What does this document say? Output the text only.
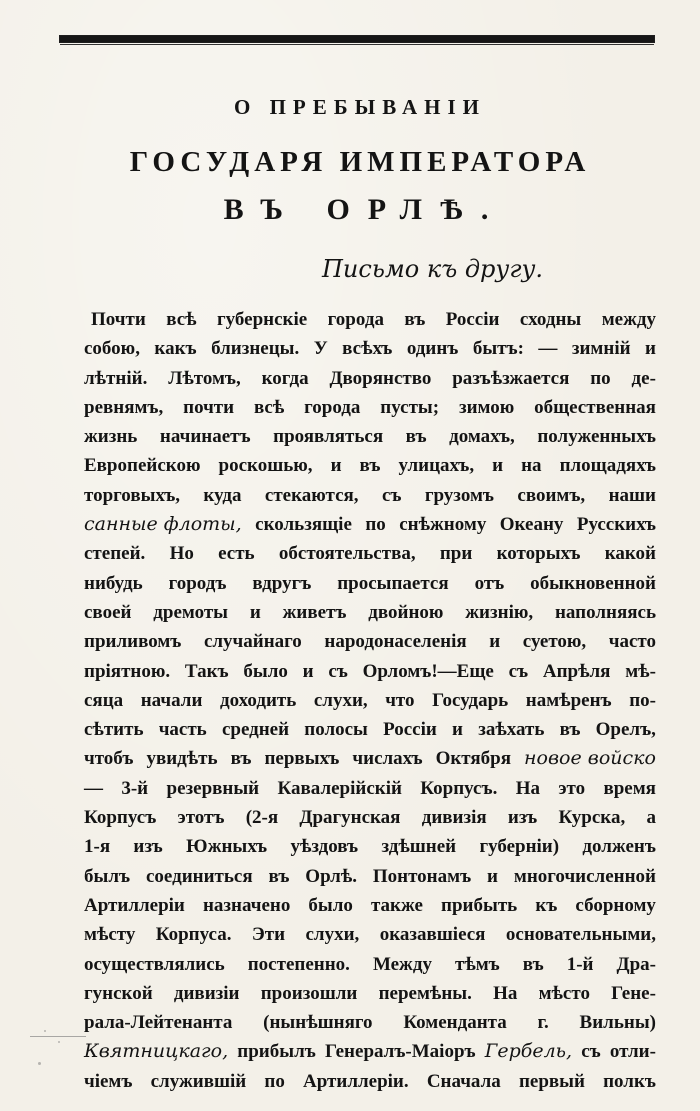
О ПРЕБЫВАНІИ
ГОСУДАРЯ ИМПЕРАТОРА
ВЪ ОРЛѢ.
Письмо къ другу.
Почти всѣ губернскіе города въ Россіи сходны между
собою, какъ близнецы. У всѣхъ одинъ бытъ: — зимній и
лѣтній. Лѣтомъ, когда Дворянство разъѣзжается по де-
ревнямъ, почти всѣ города пусты; зимою общественная
жизнь начинаетъ проявляться въ домахъ, полуженныхъ
Европейскою роскошью, и въ улицахъ, и на площадяхъ
торговыхъ, куда стекаются, съ грузомъ своимъ, наши
санные флоты, скользящіе по снѣжному Океану Русскихъ
степей. Но есть обстоятельства, при которыхъ какой
нибудь городъ вдругъ просыпается отъ обыкновенной
своей дремоты и живетъ двойною жизнію, наполняясь
приливомъ случайнаго народонаселенія и суетою, часто
пріятною. Такъ было и съ Орломъ!—Еще съ Апрѣля мѣ-
сяца начали доходить слухи, что Государь намѣренъ по-
сѣтить часть средней полосы Россіи и заѣхать въ Орелъ,
чтобъ увидѣть въ первыхъ числахъ Октября новое войско
— 3-й резервный Кавалерійскій Корпусъ. На это время
Корпусъ этотъ (2-я Драгунская дивизія изъ Курска, а
1-я изъ Южныхъ уѣздовъ здѣшней губерніи) долженъ
былъ соединиться въ Орлѣ. Понтонамъ и многочисленной
Артиллеріи назначено было также прибыть къ сборному
мѣсту Корпуса. Эти слухи, оказавшіеся основательными,
осуществлялись постепенно. Между тѣмъ въ 1-й Дра-
гунской дивизіи произошли перемѣны. На мѣсто Гене-
рала-Лейтенанта (нынѣшняго Коменданта г. Вильны)
Квятницкаго, прибылъ Генералъ-Маіоръ Гербель, съ отли-
чіемъ служившій по Артиллеріи. Сначала первый полкъ
